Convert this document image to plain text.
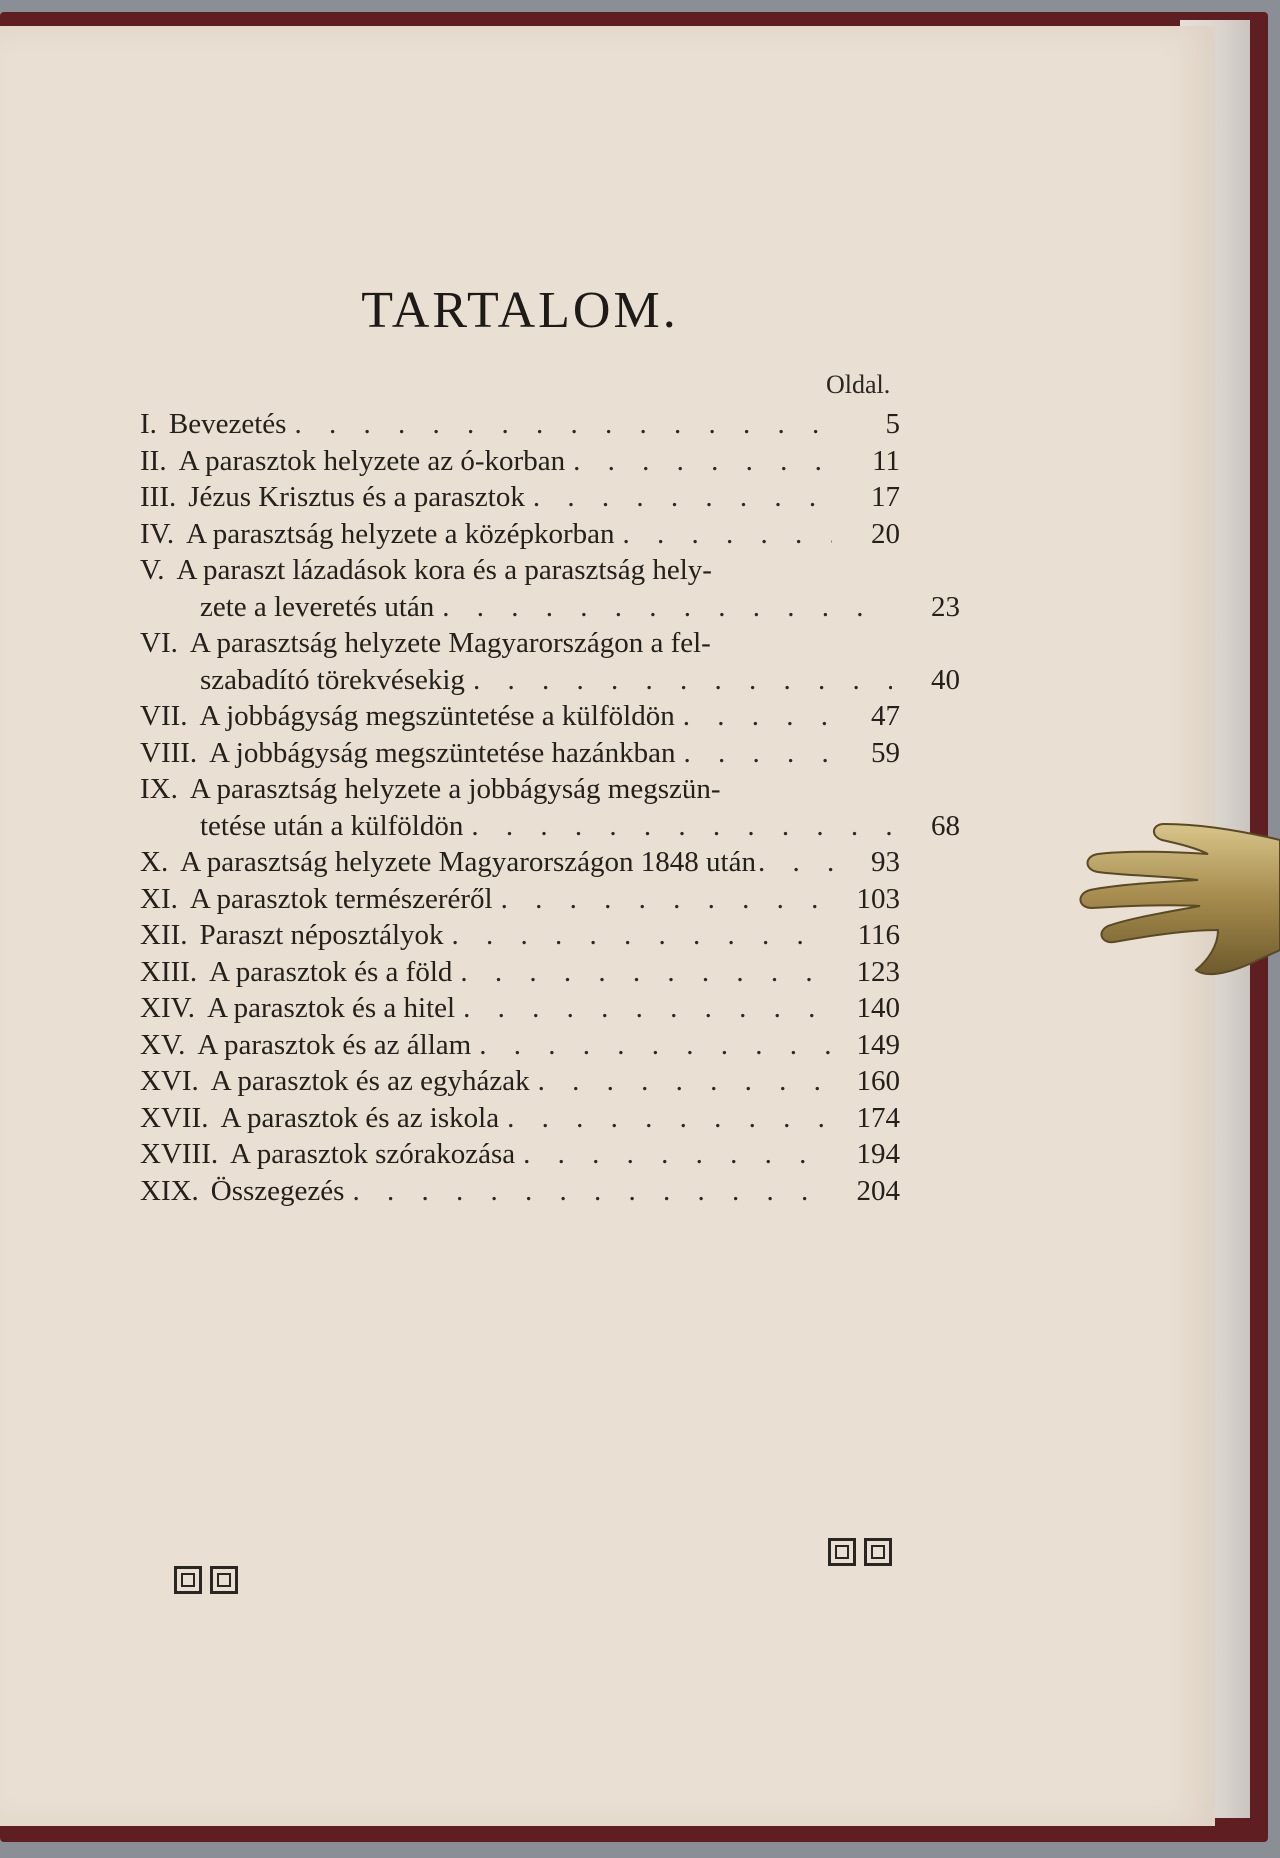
TARTALOM.
Oldal.
I. Bevezetés . . .	5
II. A parasztok helyzete az ó-korban . . .	11
III. Jézus Krisztus és a parasztok . . .	17
IV. A parasztság helyzete a középkorban . . .	20
V. A paraszt lázadások kora és a parasztság hely-
zete a leveretés után . . .	23
VI. A parasztság helyzete Magyarországon a fel-
szabadító törekvésekig . . .	40
VII. A jobbágyság megszüntetése a külföldön . . .	47
VIII. A jobbágyság megszüntetése hazánkban . . .	59
IX. A parasztság helyzete a jobbágyság megszün-
tetése után a külföldön . . .	68
X. A parasztság helyzete Magyarországon 1848 után . . .	93
XI. A parasztok természeréről . . .	103
XII. Paraszt néposztályok . . .	116
XIII. A parasztok és a föld . . .	123
XIV. A parasztok és a hitel . . .	140
XV. A parasztok és az állam . . .	149
XVI. A parasztok és az egyházak . . .	160
XVII. A parasztok és az iskola . . .	174
XVIII. A parasztok szórakozása . . .	194
XIX. Összegezés . . .	204
